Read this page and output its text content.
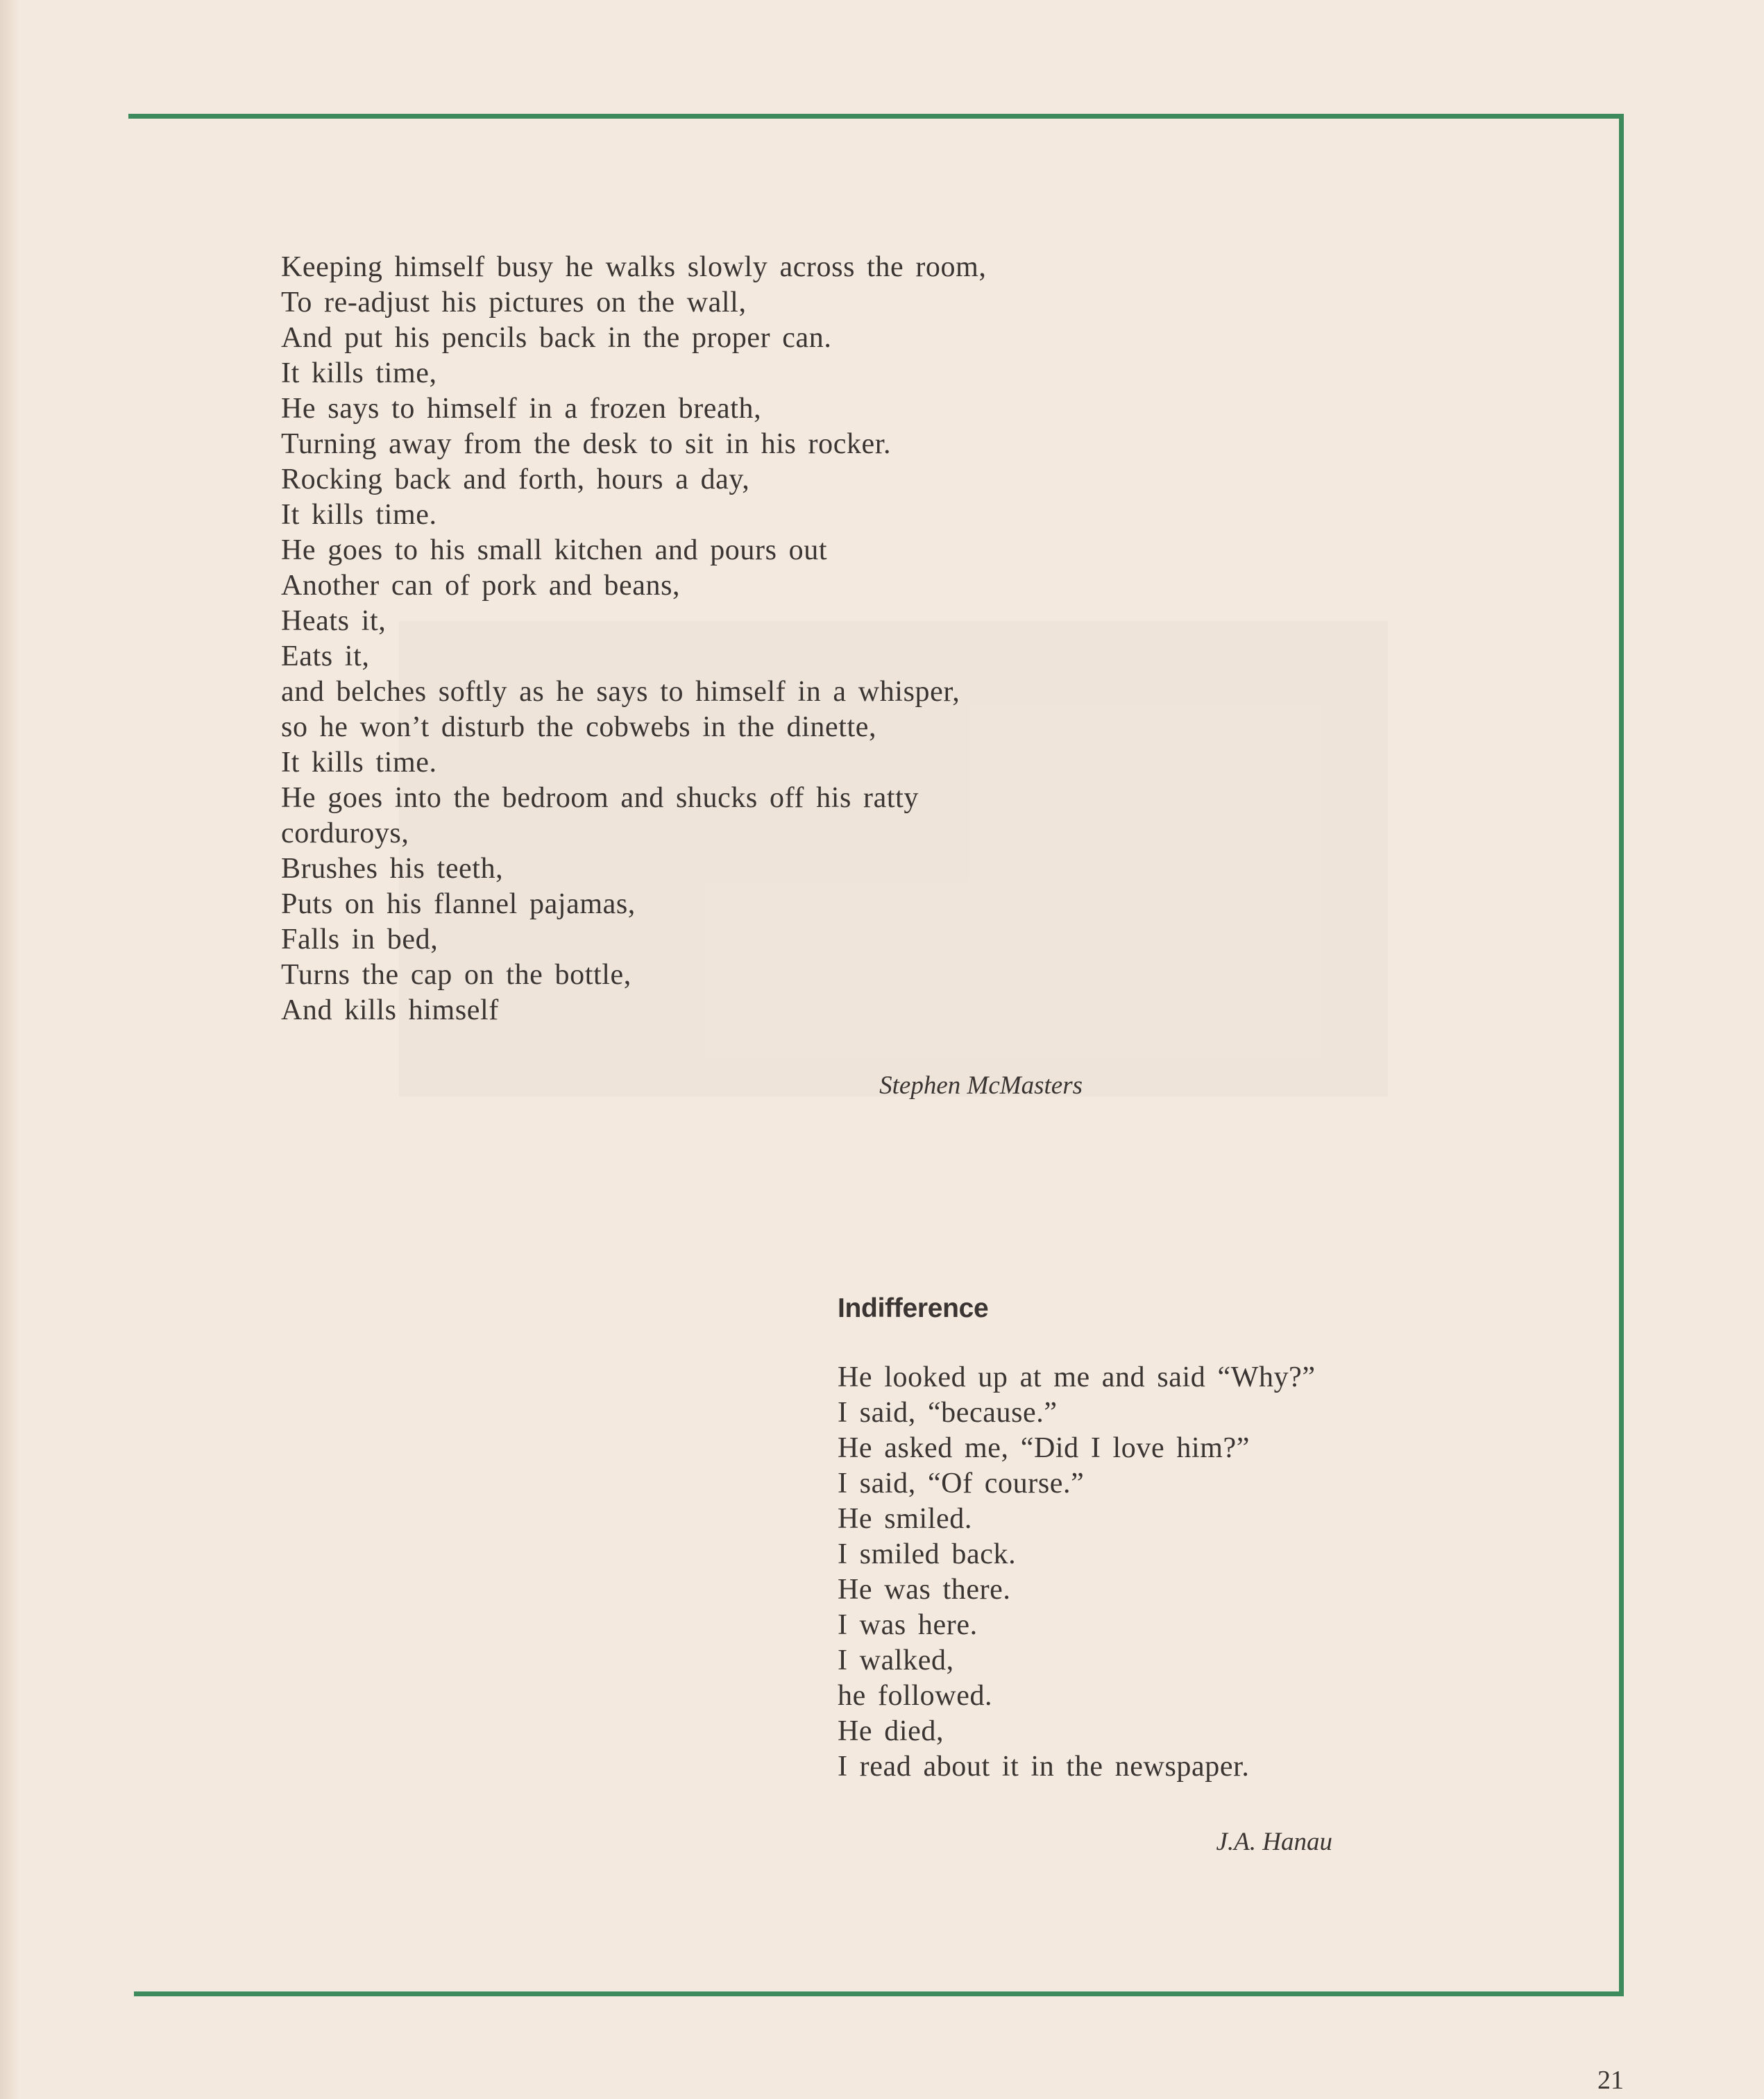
Keeping himself busy he walks slowly across the room,
To re-adjust his pictures on the wall,
And put his pencils back in the proper can.
It kills time,
He says to himself in a frozen breath,
Turning away from the desk to sit in his rocker.
Rocking back and forth, hours a day,
It kills time.
He goes to his small kitchen and pours out
Another can of pork and beans,
Heats it,
Eats it,
and belches softly as he says to himself in a whisper,
so he won’t disturb the cobwebs in the dinette,
It kills time.
He goes into the bedroom and shucks off his ratty
corduroys,
Brushes his teeth,
Puts on his flannel pajamas,
Falls in bed,
Turns the cap on the bottle,
And kills himself
Stephen McMasters
Indifference
He looked up at me and said “Why?”
I said, “because.”
He asked me, “Did I love him?”
I said, “Of course.”
He smiled.
I smiled back.
He was there.
I was here.
I walked,
he followed.
He died,
I read about it in the newspaper.
J.A. Hanau
21
